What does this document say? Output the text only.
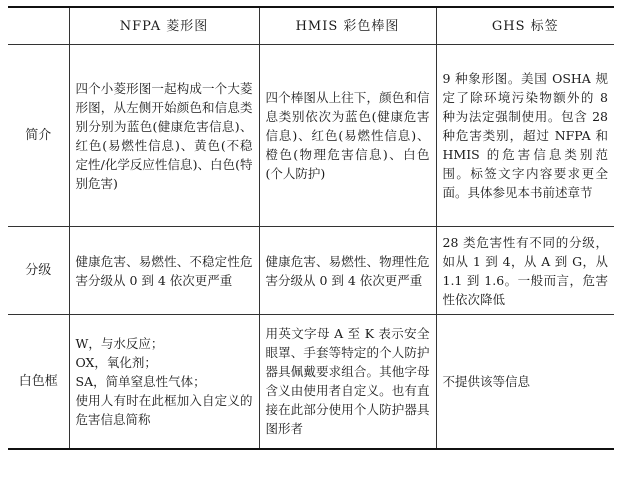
	NFPA 菱形图	HMIS 彩色棒图	GHS 标签
简介	四个小菱形图一起构成一个大菱形图，从左侧开始颜色和信息类别分别为蓝色(健康危害信息)、红色(易燃性信息)、黄色(不稳定性/化学反应性信息)、白色(特别危害)	四个棒图从上往下，颜色和信息类别依次为蓝色(健康危害信息)、红色(易燃性信息)、橙色(物理危害信息)、白色(个人防护)	9 种象形图。美国 OSHA 规定了除环境污染物额外的 8 种为法定强制使用。包含 28 种危害类别，超过 NFPA 和 HMIS 的危害信息类别范围。标签文字内容要求更全面。具体参见本书前述章节
分级	健康危害、易燃性、不稳定性危害分级从 0 到 4 依次更严重	健康危害、易燃性、物理性危害分级从 0 到 4 依次更严重	28 类危害性有不同的分级，如从 1 到 4，从 A 到 G，从 1.1 到 1.6。一般而言，危害性依次降低
白色框	W，与水反应；
OX，氧化剂；
SA，简单窒息性气体；
使用人有时在此框加入自定义的危害信息简称	用英文字母 A 至 K 表示安全眼罩、手套等特定的个人防护器具佩戴要求组合。其他字母含义由使用者自定义。也有直接在此部分使用个人防护器具图形者	不提供该等信息
